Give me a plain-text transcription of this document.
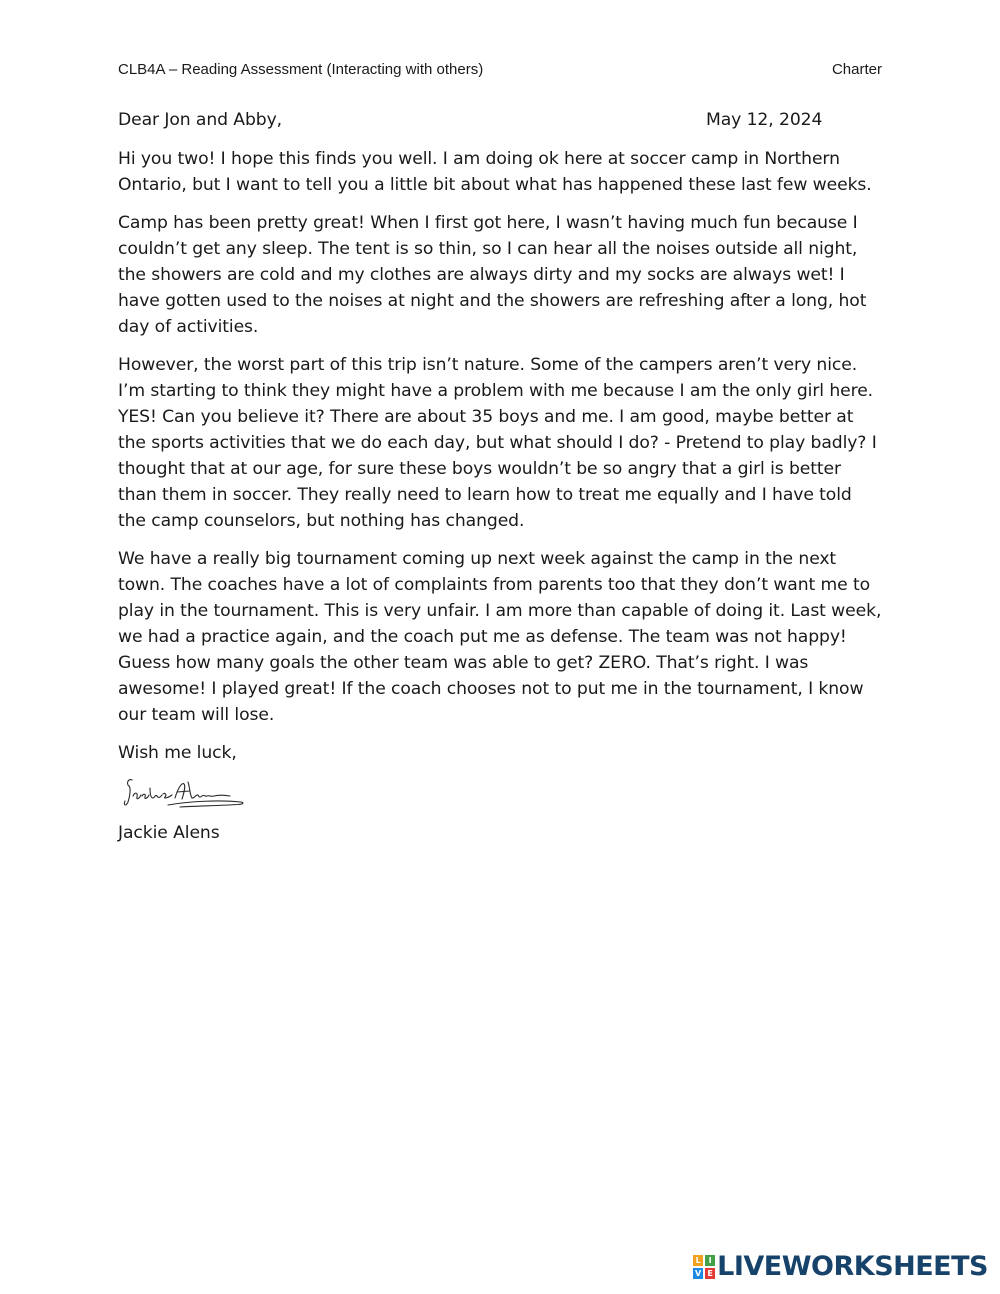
CLB4A – Reading Assessment (Interacting with others)	Charter
Dear Jon and Abby,	May 12, 2024

Hi you two! I hope this finds you well. I am doing ok here at soccer camp in Northern Ontario, but I want to tell you a little bit about what has happened these last few weeks.

Camp has been pretty great! When I first got here, I wasn’t having much fun because I couldn’t get any sleep. The tent is so thin, so I can hear all the noises outside all night, the showers are cold and my clothes are always dirty and my socks are always wet! I have gotten used to the noises at night and the showers are refreshing after a long, hot day of activities.

However, the worst part of this trip isn’t nature. Some of the campers aren’t very nice. I’m starting to think they might have a problem with me because I am the only girl here. YES! Can you believe it? There are about 35 boys and me. I am good, maybe better at the sports activities that we do each day, but what should I do? - Pretend to play badly? I thought that at our age, for sure these boys wouldn’t be so angry that a girl is better than them in soccer. They really need to learn how to treat me equally and I have told the camp counselors, but nothing has changed.

We have a really big tournament coming up next week against the camp in the next town. The coaches have a lot of complaints from parents too that they don’t want me to play in the tournament. This is very unfair. I am more than capable of doing it. Last week, we had a practice again, and the coach put me as defense. The team was not happy! Guess how many goals the other team was able to get? ZERO. That’s right. I was awesome! I played great! If the coach chooses not to put me in the tournament, I know our team will lose.

Wish me luck,

Jackie Alens

L I
V E LIVEWORKSHEETS
